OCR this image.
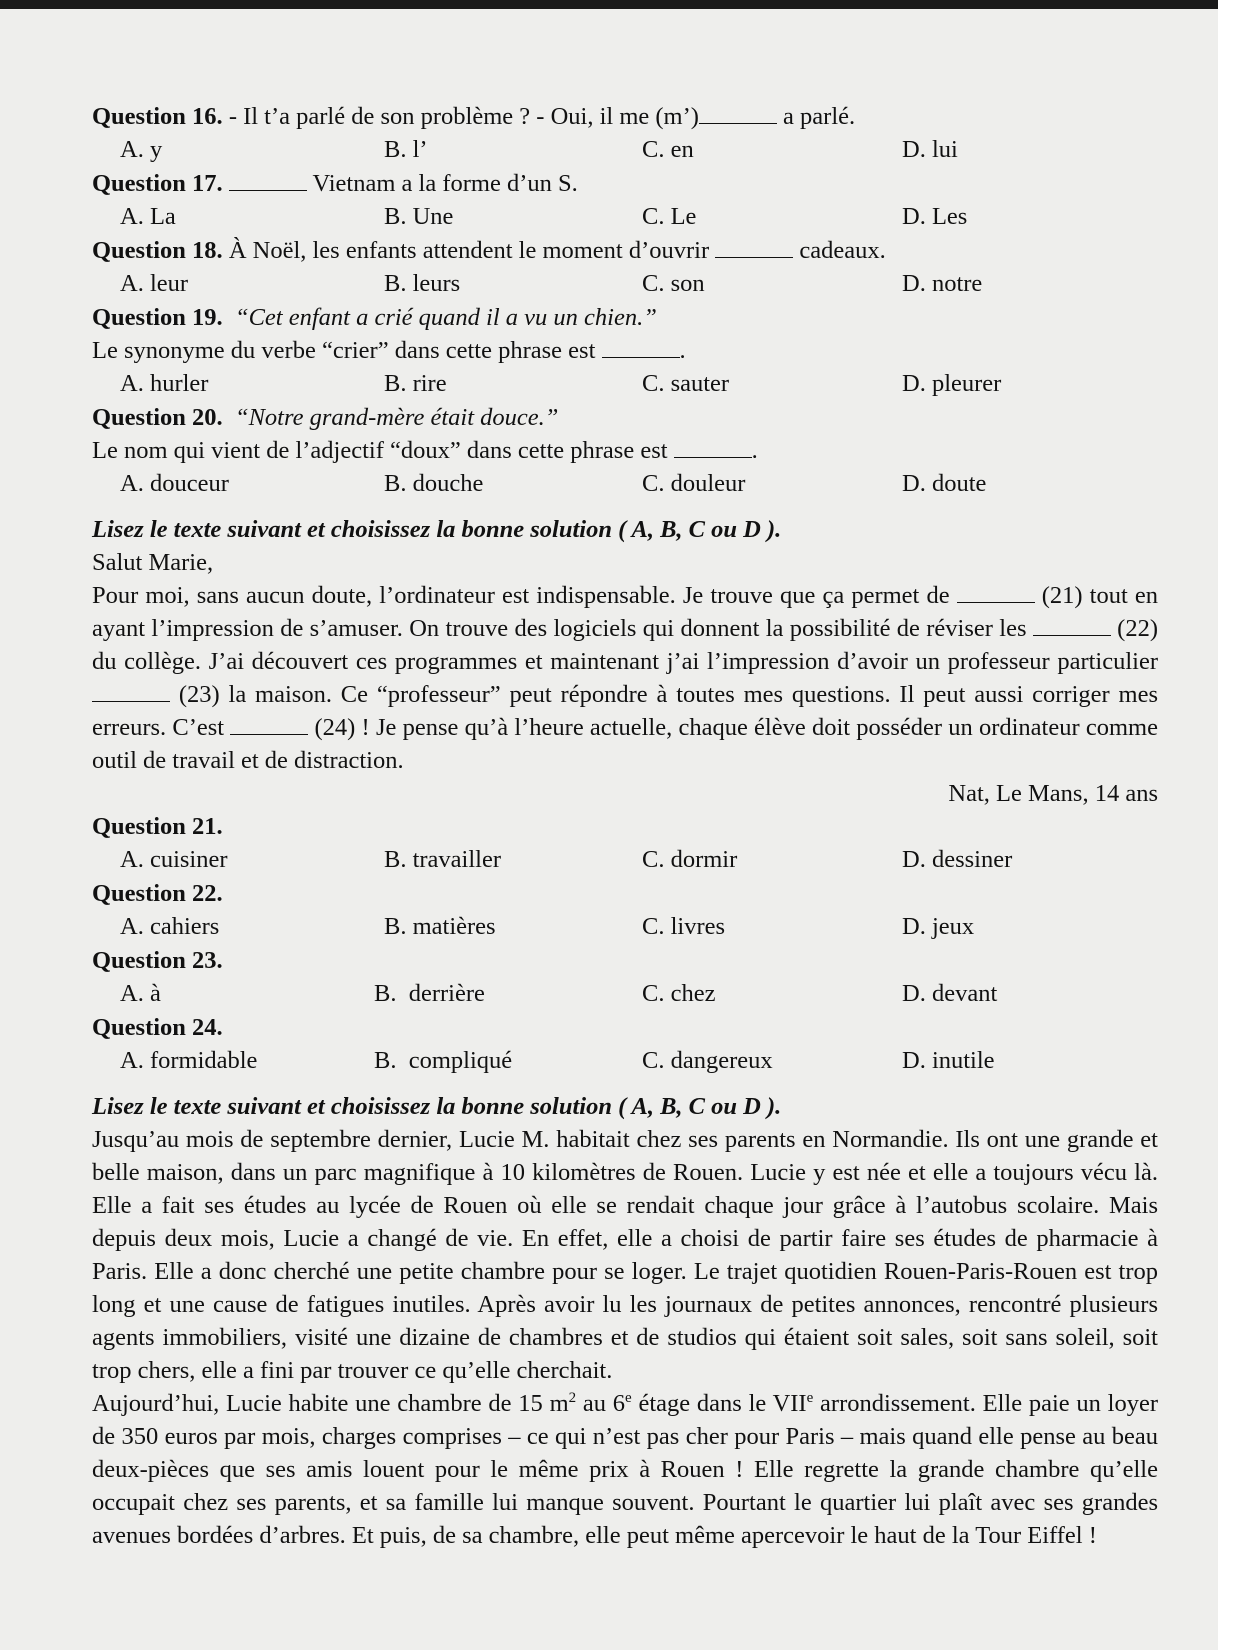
Question 16. - Il t’a parlé de son problème ? - Oui, il me (m’)	a parlé.
A. y	B. l’	C. en	D. lui
Question 17.	Vietnam a la forme d’un S.
A. La	B. Une	C. Le	D. Les
Question 18. À Noël, les enfants attendent le moment d’ouvrir	cadeaux.
A. leur	B. leurs	C. son	D. notre
Question 19. “Cet enfant a crié quand il a vu un chien.”
Le synonyme du verbe “crier” dans cette phrase est	.
A. hurler	B. rire	C. sauter	D. pleurer
Question 20. “Notre grand-mère était douce.”
Le nom qui vient de l’adjectif “doux” dans cette phrase est	.
A. douceur	B. douche	C. douleur	D. doute
Lisez le texte suivant et choisissez la bonne solution ( A, B, C ou D ).
Salut Marie,
Pour moi, sans aucun doute, l’ordinateur est indispensable. Je trouve que ça permet de	(21) tout en ayant l’impression de s’amuser. On trouve des logiciels qui donnent la possibilité de réviser les	(22) du collège. J’ai découvert ces programmes et maintenant j’ai l’impression d’avoir un professeur particulier  (23) la maison. Ce “professeur” peut répondre à toutes mes questions. Il peut aussi corriger mes erreurs. C’est	(24) ! Je pense qu’à l’heure actuelle, chaque élève doit posséder un ordinateur comme outil de travail et de distraction.
Nat, Le Mans, 14 ans
Question 21.
A. cuisiner	B. travailler	C. dormir	D. dessiner
Question 22.
A. cahiers	B. matières	C. livres	D. jeux
Question 23.
A. à	B.  derrière	C. chez	D. devant
Question 24.
A. formidable	B.  compliqué	C. dangereux	D. inutile
Lisez le texte suivant et choisissez la bonne solution ( A, B, C ou D ).
Jusqu’au mois de septembre dernier, Lucie M. habitait chez ses parents en Normandie. Ils ont une grande et belle maison, dans un parc magnifique à 10 kilomètres de Rouen. Lucie y est née et elle a toujours vécu là. Elle a fait ses études au lycée de Rouen où elle se rendait chaque jour grâce à l’autobus scolaire. Mais depuis deux mois, Lucie a changé de vie. En effet, elle a choisi de partir faire ses études de pharmacie à Paris. Elle a donc cherché une petite chambre pour se loger. Le trajet quotidien Rouen-Paris-Rouen est trop long et une cause de fatigues inutiles. Après avoir lu les journaux de petites annonces, rencontré plusieurs agents immobiliers, visité une dizaine de chambres et de studios qui étaient soit sales, soit sans soleil, soit trop chers, elle a fini par trouver ce qu’elle cherchait.
Aujourd’hui, Lucie habite une chambre de 15 $m^2$ au 6e étage dans le VIIe arrondissement. Elle paie un loyer de 350 euros par mois, charges comprises – ce qui n’est pas cher pour Paris – mais quand elle pense au beau deux-pièces que ses amis louent pour le même prix à Rouen ! Elle regrette la grande chambre qu’elle occupait chez ses parents, et sa famille lui manque souvent. Pourtant le quartier lui plaît avec ses grandes avenues bordées d’arbres. Et puis, de sa chambre, elle peut même apercevoir le haut de la Tour Eiffel !
